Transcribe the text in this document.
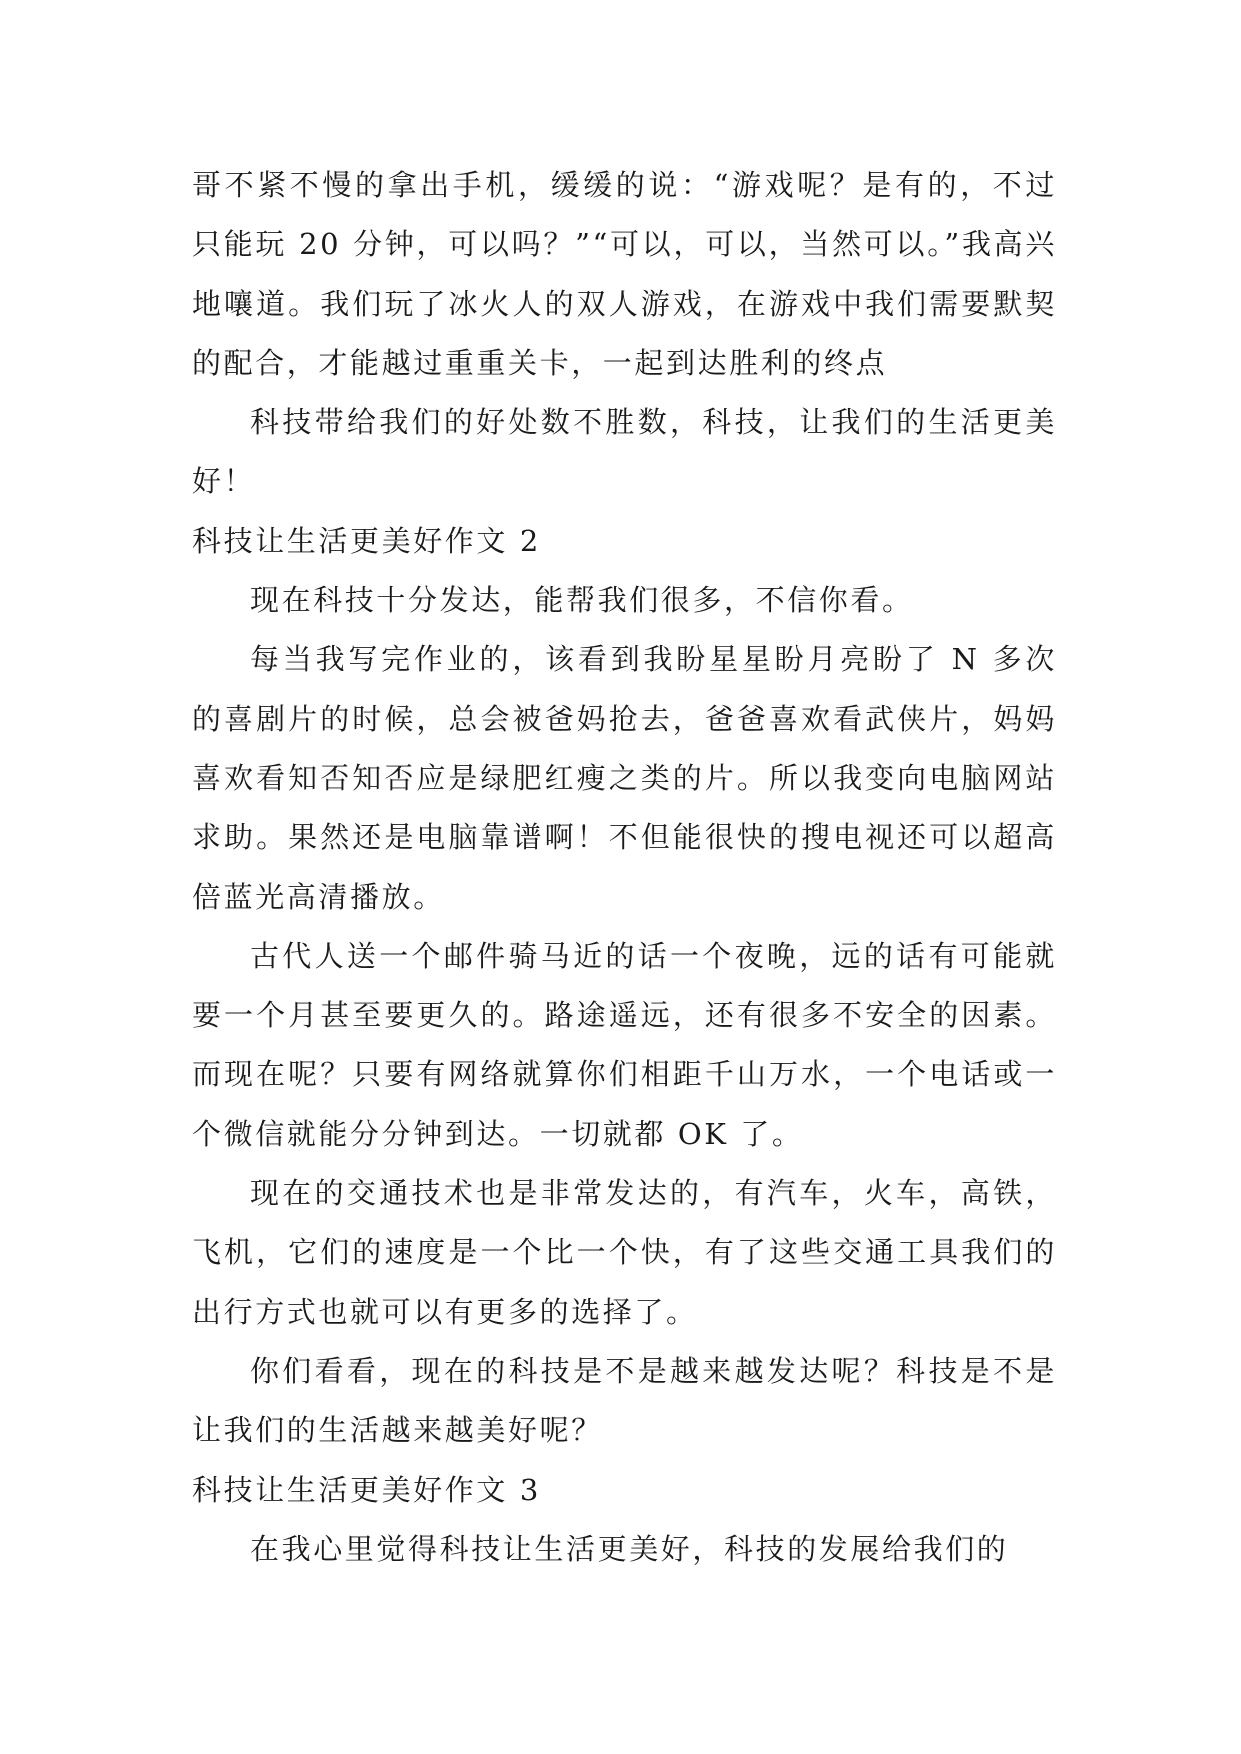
哥不紧不慢的拿出手机，缓缓的说：“游戏呢？是有的，不过只能玩 20 分钟，可以吗？”“可以，可以，当然可以。”我高兴地嚷道。我们玩了冰火人的双人游戏，在游戏中我们需要默契的配合，才能越过重重关卡，一起到达胜利的终点

科技带给我们的好处数不胜数，科技，让我们的生活更美好！

科技让生活更美好作文 2

现在科技十分发达，能帮我们很多，不信你看。

每当我写完作业的，该看到我盼星星盼月亮盼了 N 多次的喜剧片的时候，总会被爸妈抢去，爸爸喜欢看武侠片，妈妈喜欢看知否知否应是绿肥红瘦之类的片。所以我变向电脑网站求助。果然还是电脑靠谱啊！不但能很快的搜电视还可以超高倍蓝光高清播放。

古代人送一个邮件骑马近的话一个夜晚，远的话有可能就要一个月甚至要更久的。路途遥远，还有很多不安全的因素。而现在呢？只要有网络就算你们相距千山万水，一个电话或一个微信就能分分钟到达。一切就都 OK 了。

现在的交通技术也是非常发达的，有汽车，火车，高铁，飞机，它们的速度是一个比一个快，有了这些交通工具我们的出行方式也就可以有更多的选择了。

你们看看，现在的科技是不是越来越发达呢？科技是不是让我们的生活越来越美好呢？

科技让生活更美好作文 3

在我心里觉得科技让生活更美好，科技的发展给我们的
